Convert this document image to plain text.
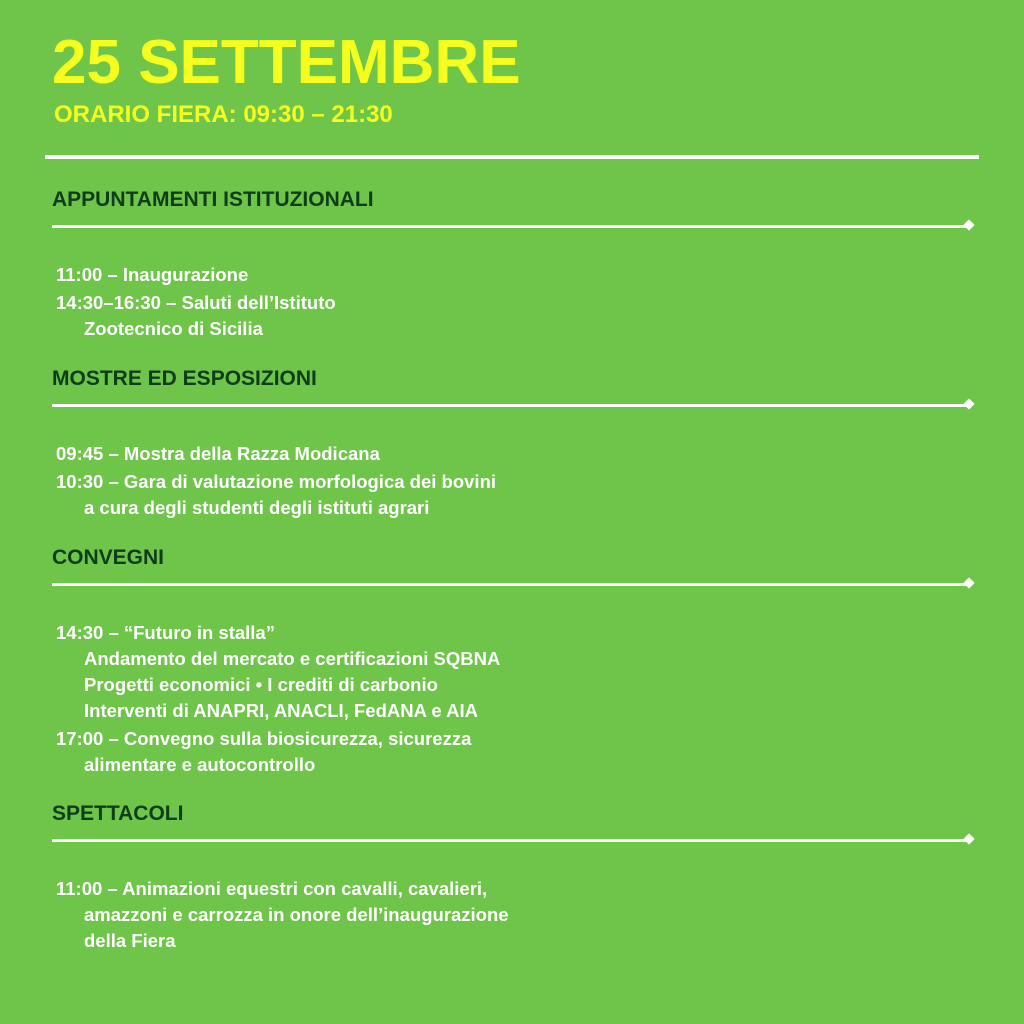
25 SETTEMBRE
ORARIO FIERA: 09:30 – 21:30
APPUNTAMENTI ISTITUZIONALI
11:00 – Inaugurazione
14:30–16:30 – Saluti dell’Istituto
Zootecnico di Sicilia
MOSTRE ED ESPOSIZIONI
09:45 – Mostra della Razza Modicana
10:30 – Gara di valutazione morfologica dei bovini
a cura degli studenti degli istituti agrari
CONVEGNI
14:30 – “Futuro in stalla”
Andamento del mercato e certificazioni SQBNA
Progetti economici • I crediti di carbonio
Interventi di ANAPRI, ANACLI, FedANA e AIA
17:00 – Convegno sulla biosicurezza, sicurezza
alimentare e autocontrollo
SPETTACOLI
11:00 – Animazioni equestri con cavalli, cavalieri,
amazzoni e carrozza in onore dell’inaugurazione
della Fiera
